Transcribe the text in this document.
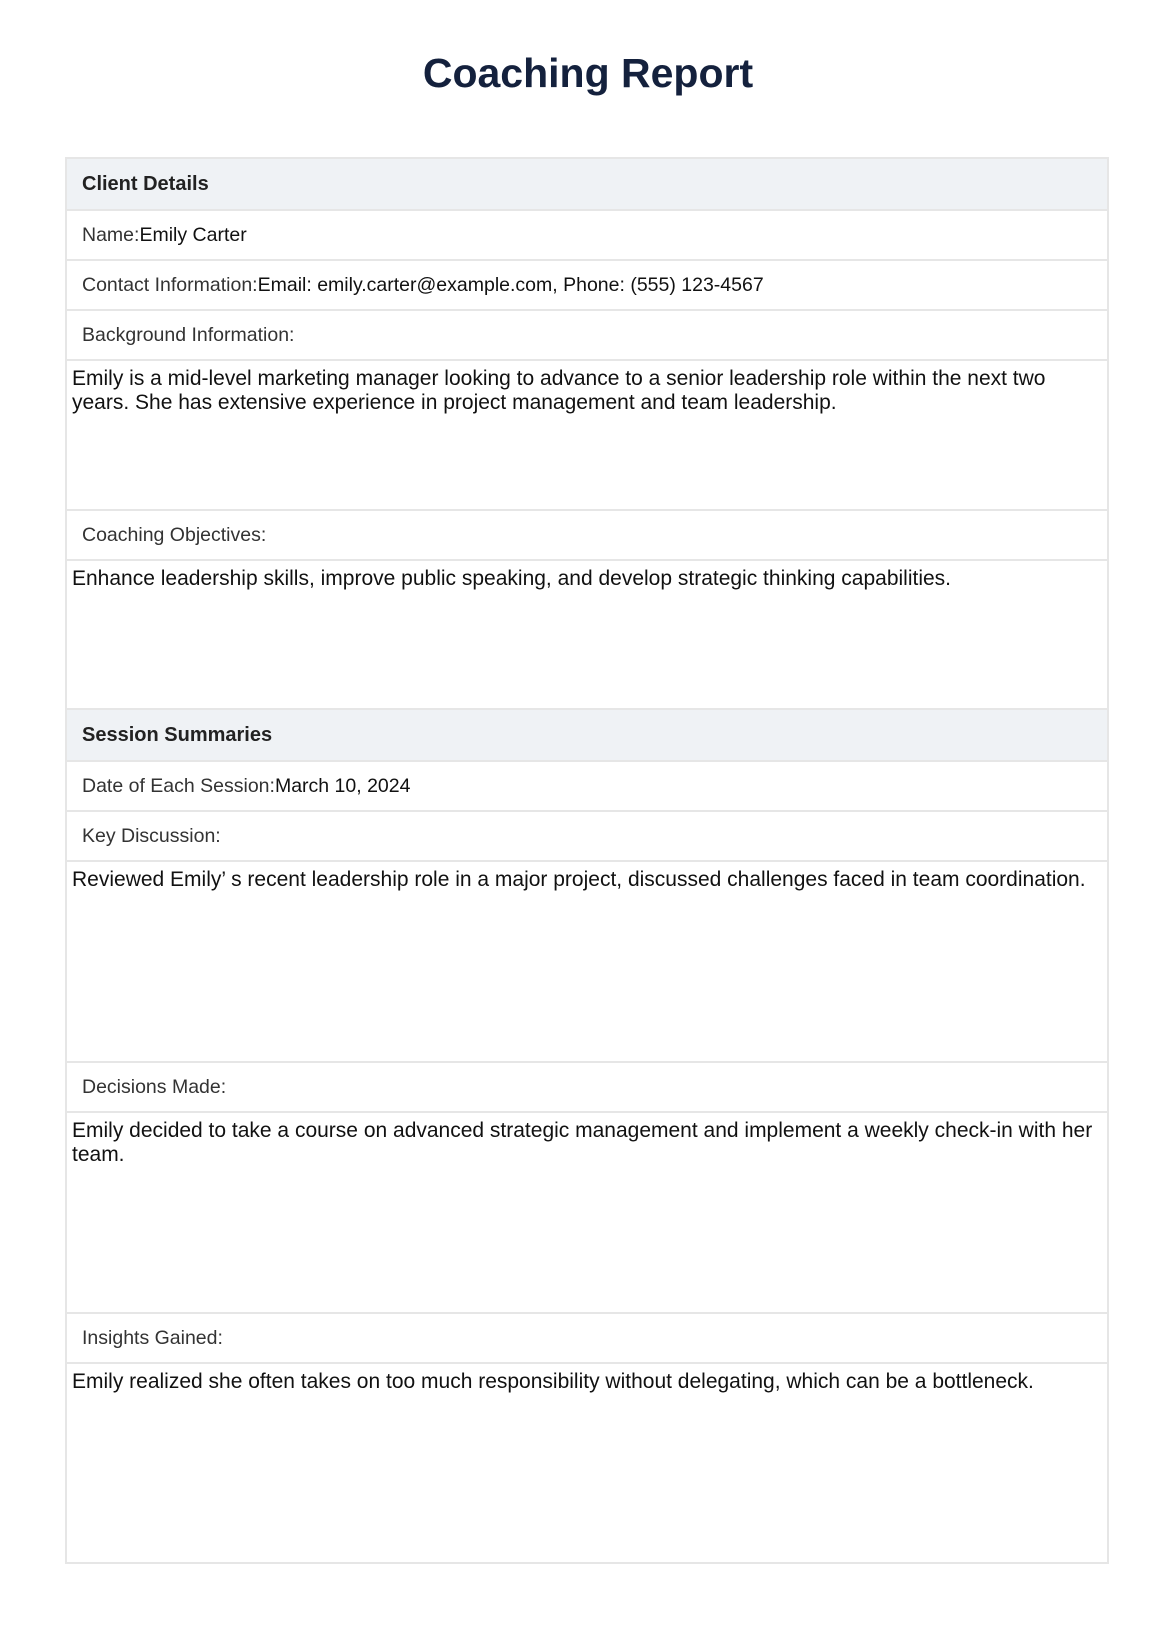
Coaching Report
Client Details
Name:Emily Carter
Contact Information:Email: emily.carter@example.com, Phone: (555) 123-4567
Background Information:
Emily is a mid-level marketing manager looking to advance to a senior leadership role within the next two years. She has extensive experience in project management and team leadership.
Coaching Objectives:
Enhance leadership skills, improve public speaking, and develop strategic thinking capabilities.
Session Summaries
Date of Each Session:March 10, 2024
Key Discussion:
Reviewed Emily’ s recent leadership role in a major project, discussed challenges faced in team coordination.
Decisions Made:
Emily decided to take a course on advanced strategic management and implement a weekly check-in with her team.
Insights Gained:
Emily realized she often takes on too much responsibility without delegating, which can be a bottleneck.
